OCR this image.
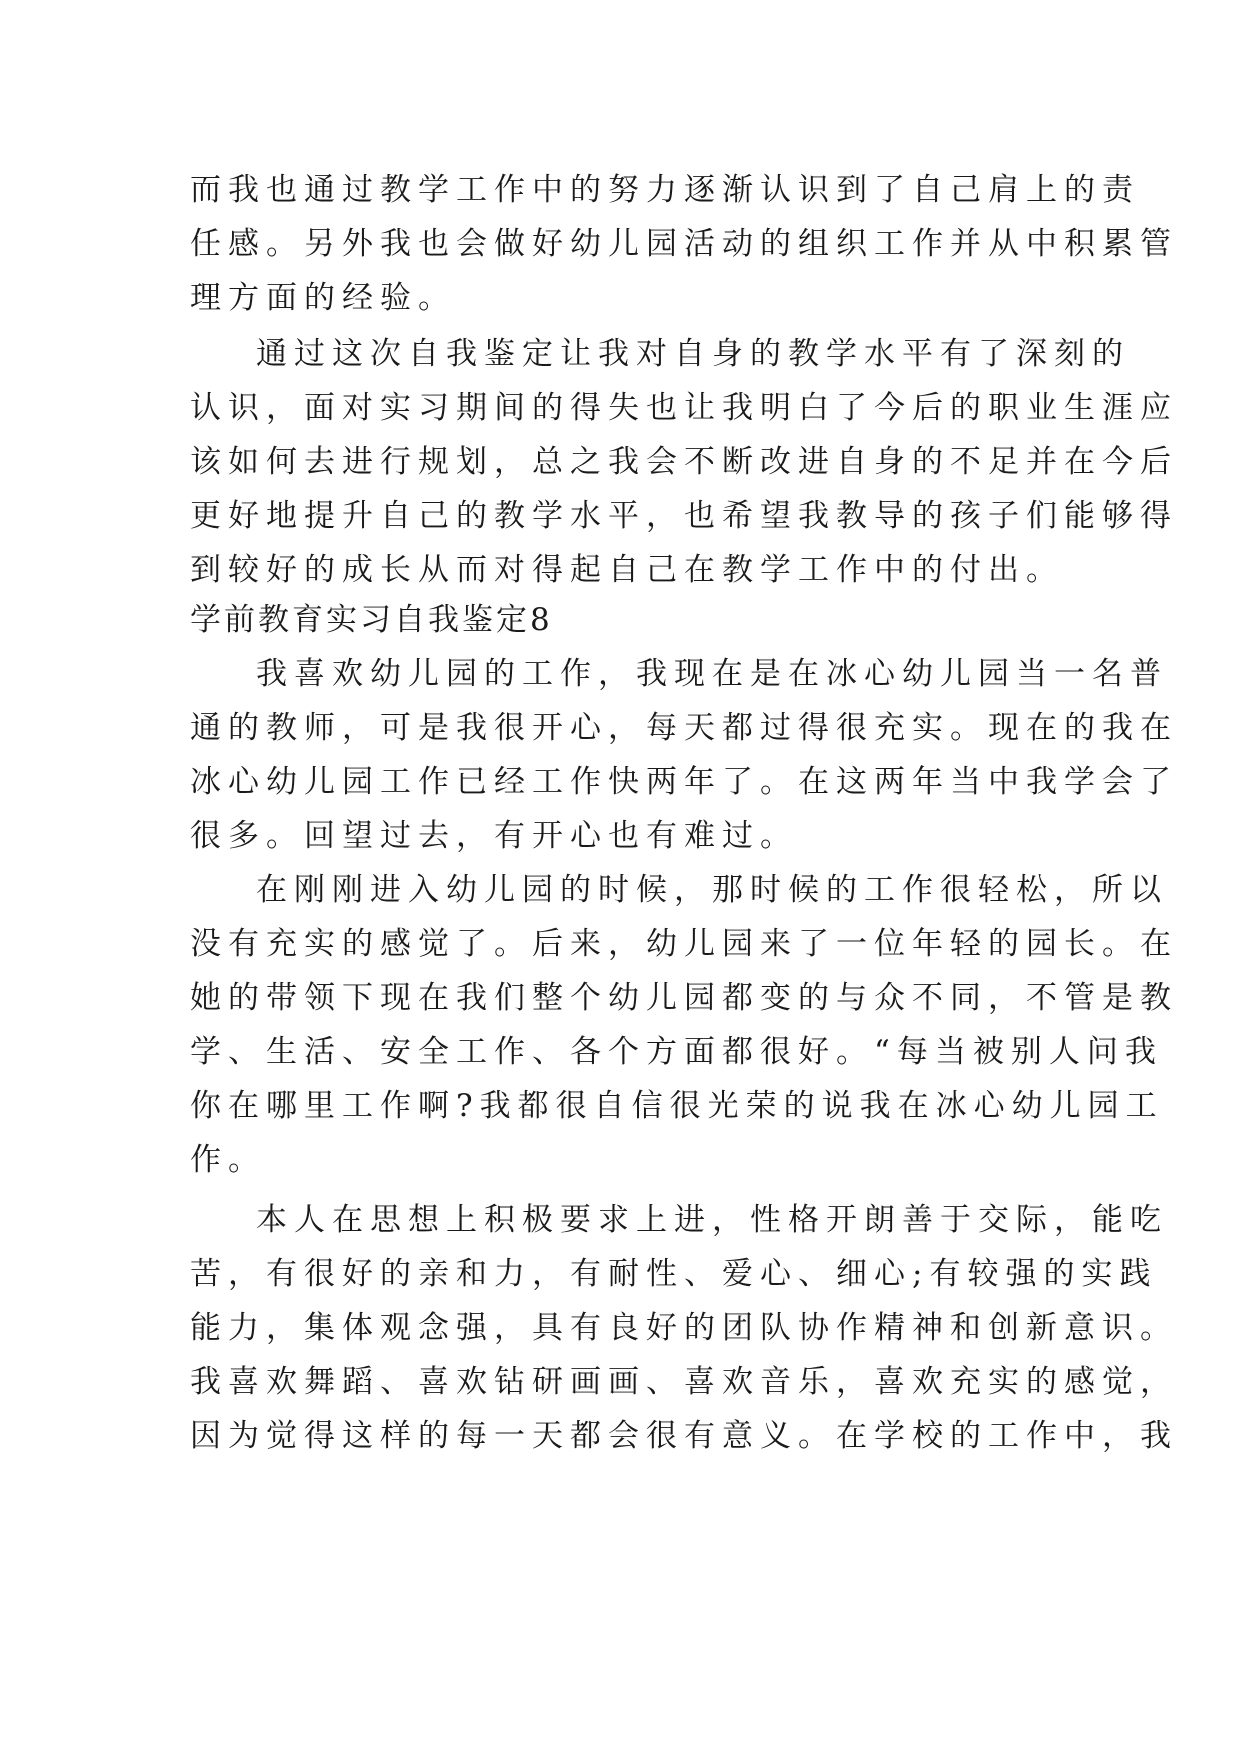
而我也通过教学工作中的努力逐渐认识到了自己肩上的责
任感。另外我也会做好幼儿园活动的组织工作并从中积累管
理方面的经验。
通过这次自我鉴定让我对自身的教学水平有了深刻的
认识，面对实习期间的得失也让我明白了今后的职业生涯应
该如何去进行规划，总之我会不断改进自身的不足并在今后
更好地提升自己的教学水平，也希望我教导的孩子们能够得
到较好的成长从而对得起自己在教学工作中的付出。
学前教育实习自我鉴定8
我喜欢幼儿园的工作，我现在是在冰心幼儿园当一名普
通的教师，可是我很开心，每天都过得很充实。现在的我在
冰心幼儿园工作已经工作快两年了。在这两年当中我学会了
很多。回望过去，有开心也有难过。
在刚刚进入幼儿园的时候，那时候的工作很轻松，所以
没有充实的感觉了。后来，幼儿园来了一位年轻的园长。在
她的带领下现在我们整个幼儿园都变的与众不同，不管是教
学、生活、安全工作、各个方面都很好。“每当被别人问我
你在哪里工作啊?我都很自信很光荣的说我在冰心幼儿园工
作。
本人在思想上积极要求上进，性格开朗善于交际，能吃
苦，有很好的亲和力，有耐性、爱心、细心;有较强的实践
能力，集体观念强，具有良好的团队协作精神和创新意识。
我喜欢舞蹈、喜欢钻研画画、喜欢音乐，喜欢充实的感觉，
因为觉得这样的每一天都会很有意义。在学校的工作中，我
